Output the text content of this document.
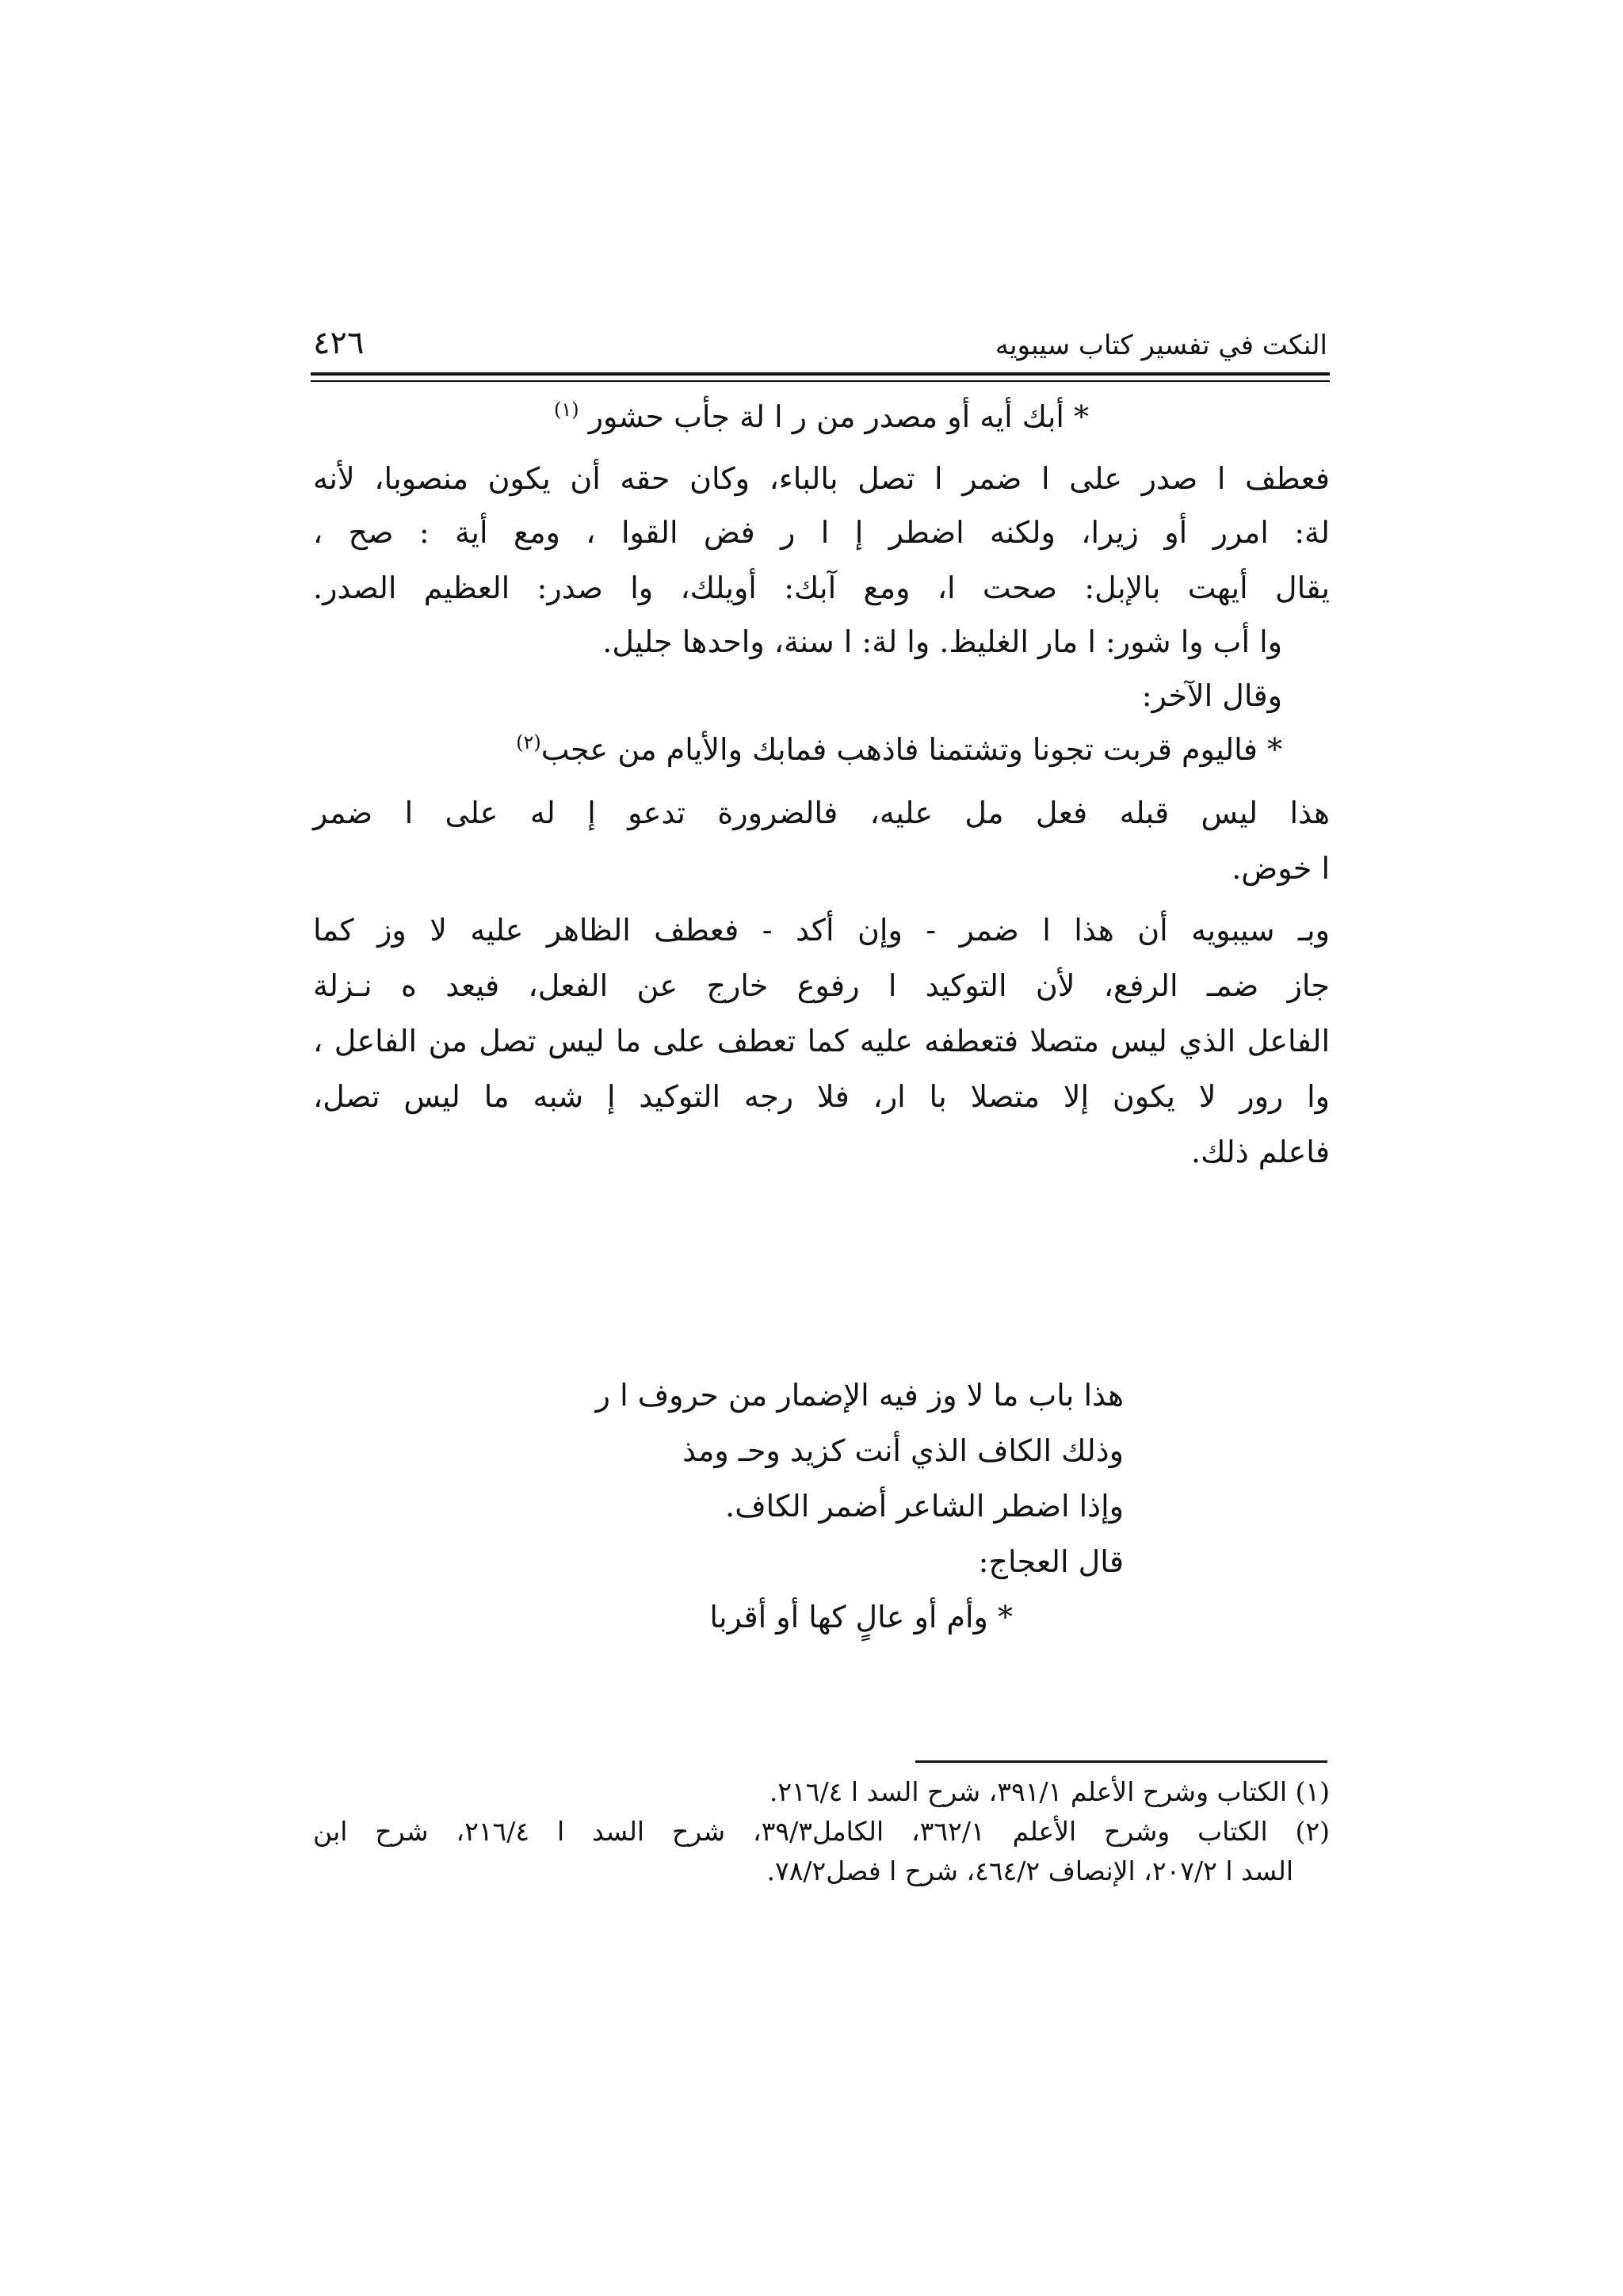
النكت في تفسير كتاب سيبويه
٤٢٦
* أبك أيه أو مصدر من ر ا لة جأب حشور $^{(١)}$
فعطف ا صدر على ا ضمر ا تصل بالباء، وكان حقه أن يكون منصوبا، لأنه
لة: امرر أو زيرا، ولكنه اضطر إ ا ر فض القوا ، ومع أية : صح ،
يقال أيهت بالإبل: صحت ا، ومع آبك: أويلك، وا صدر: العظيم الصدر.
وا أب وا شور: ا مار الغليظ. وا لة: ا سنة، واحدها جليل.
وقال الآخر:
* فاليوم قربت تجونا وتشتمنا فاذهب فمابك والأيام من عجب$^{(٢)}$
هذا ليس قبله فعل مل عليه، فالضرورة تدعو إ له على ا ضمر
ا خوض.
وبـ سيبويه أن هذا ا ضمر - وإن أكد - فعطف الظاهر عليه لا وز كما
جاز ضمـ الرفع، لأن التوكيد ا رفوع خارج عن الفعل، فيعد ه نـزلة
الفاعل الذي ليس متصلا فتعطفه عليه كما تعطف على ما ليس تصل من الفاعل ،
وا رور لا يكون إلا متصلا با ار، فلا رجه التوكيد إ شبه ما ليس تصل،
فاعلم ذلك.
هذا باب ما لا وز فيه الإضمار من حروف ا ر
وذلك الكاف الذي أنت كزيد وحـ ومذ
وإذا اضطر الشاعر أضمر الكاف.
قال العجاج:
* وأم أو عالٍ كها أو أقربا
(١) الكتاب وشرح الأعلم ٣٩١/١، شرح السد ا ٢١٦/٤.
(٢) الكتاب وشرح الأعلم ٣٦٢/١، الكامل٣٩/٣، شرح السد ا ٢١٦/٤، شرح ابن
السد ا ٢٠٧/٢، الإنصاف ٤٦٤/٢، شرح ا فصل٧٨/٢.
